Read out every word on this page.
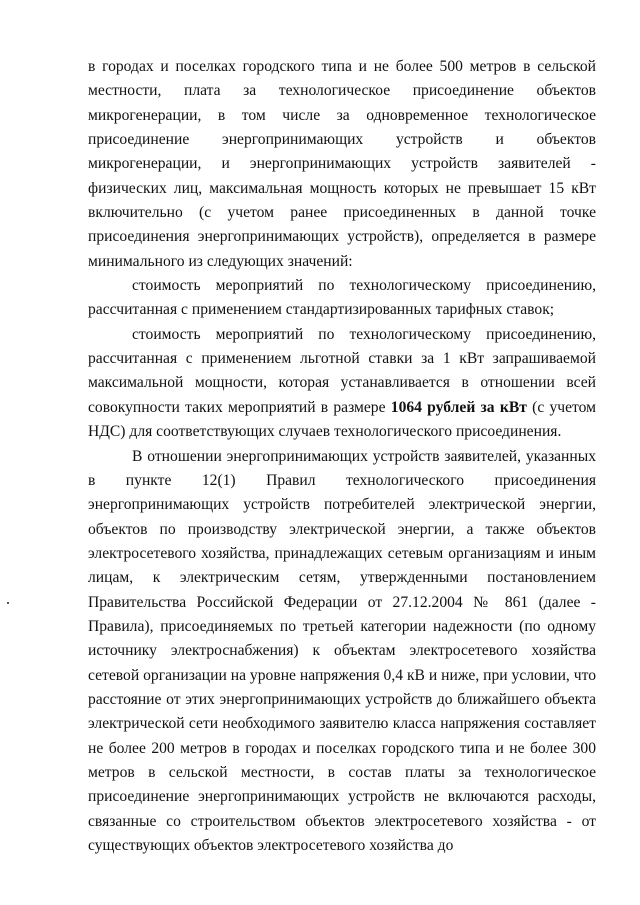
в городах и поселках городского типа и не более 500 метров в сельской местности, плата за технологическое присоединение объектов микрогенерации, в том числе за одновременное технологическое присоединение энергопринимающих устройств и объектов микрогенерации, и энергопринимающих устройств заявителей - физических лиц, максимальная мощность которых не превышает 15 кВт включительно (с учетом ранее присоединенных в данной точке присоединения энергопринимающих устройств), определяется в размере минимального из следующих значений:

стоимость мероприятий по технологическому присоединению, рассчитанная с применением стандартизированных тарифных ставок;

стоимость мероприятий по технологическому присоединению, рассчитанная с применением льготной ставки за 1 кВт запрашиваемой максимальной мощности, которая устанавливается в отношении всей совокупности таких мероприятий в размере 1064 рублей за кВт (с учетом НДС) для соответствующих случаев технологического присоединения.

В отношении энергопринимающих устройств заявителей, указанных в пункте 12(1) Правил технологического присоединения энергопринимающих устройств потребителей электрической энергии, объектов по производству электрической энергии, а также объектов электросетевого хозяйства, принадлежащих сетевым организациям и иным лицам, к электрическим сетям, утвержденными постановлением Правительства Российской Федерации от 27.12.2004 № 861 (далее - Правила), присоединяемых по третьей категории надежности (по одному источнику электроснабжения) к объектам электросетевого хозяйства сетевой организации на уровне напряжения 0,4 кВ и ниже, при условии, что расстояние от этих энергопринимающих устройств до ближайшего объекта электрической сети необходимого заявителю класса напряжения составляет не более 200 метров в городах и поселках городского типа и не более 300 метров в сельской местности, в состав платы за технологическое присоединение энергопринимающих устройств не включаются расходы, связанные со строительством объектов электросетевого хозяйства - от существующих объектов электросетевого хозяйства до
